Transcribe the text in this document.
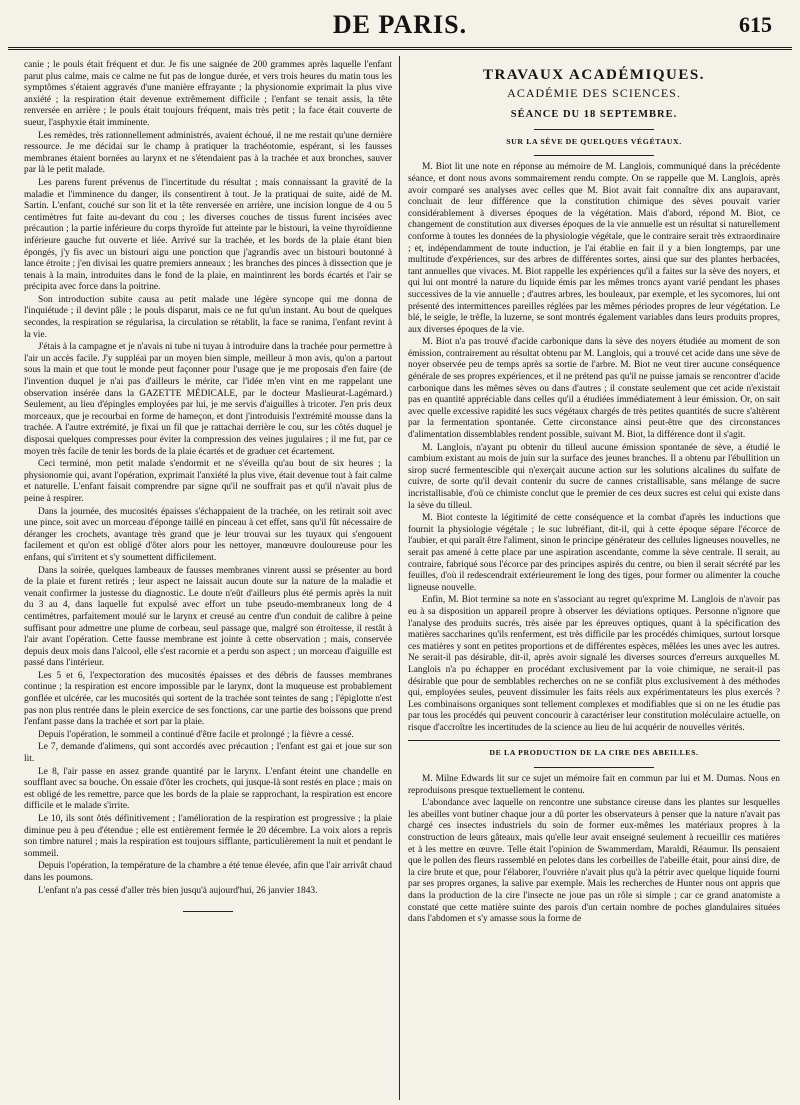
DE PARIS.	615

canie ; le pouls était fréquent et dur. Je fis une saignée de 200 grammes après laquelle l'enfant parut plus calme, mais ce calme ne fut pas de longue durée, et vers trois heures du matin tous les symptômes s'étaient aggravés d'une manière effrayante ; la physionomie exprimait la plus vive anxiété ; la respiration était devenue extrêmement difficile ; l'enfant se tenait assis, la tête renversée en arrière ; le pouls était toujours fréquent, mais très petit ; la face était couverte de sueur, l'asphyxie était imminente.

Les remèdes, très rationnellement administrés, avaient échoué, il ne me restait qu'une dernière ressource. Je me décidai sur le champ à pratiquer la trachéotomie, espérant, si les fausses membranes étaient bornées au larynx et ne s'étendaient pas à la trachée et aux bronches, sauver par là le petit malade.

Les parens furent prévenus de l'incertitude du résultat ; mais connaissant la gravité de la maladie et l'imminence du danger, ils consentirent à tout. Je la pratiquai de suite, aidé de M. Sartin. L'enfant, couché sur son lit et la tête renversée en arrière, une incision longue de 4 ou 5 centimètres fut faite au-devant du cou ; les diverses couches de tissus furent incisées avec précaution ; la partie inférieure du corps thyroïde fut atteinte par le bistouri, la veine thyroïdienne inférieure gauche fut ouverte et liée. Arrivé sur la trachée, et les bords de la plaie étant bien épongés, j'y fis avec un bistouri aigu une ponction que j'agrandis avec un bistouri boutonné à lance étroite ; j'en divisai les quatre premiers anneaux ; les branches des pinces à dissection que je tenais à la main, introduites dans le fond de la plaie, en maintinrent les bords écartés et l'air se précipita avec force dans la poitrine.

Son introduction subite causa au petit malade une légère syncope qui me donna de l'inquiétude ; il devint pâle ; le pouls disparut, mais ce ne fut qu'un instant. Au bout de quelques secondes, la respiration se régularisa, la circulation se rétablit, la face se ranima, l'enfant revint à la vie.

J'étais à la campagne et je n'avais ni tube ni tuyau à introduire dans la trachée pour permettre à l'air un accès facile. J'y suppléai par un moyen bien simple, meilleur à mon avis, qu'on a partout sous la main et que tout le monde peut façonner pour l'usage que je me proposais d'en faire (de l'invention duquel je n'ai pas d'ailleurs le mérite, car l'idée m'en vint en me rappelant une observation insérée dans la GAZETTE MÉDICALE, par le docteur Maslieurat-Lagémard.) Seulement, au lieu d'épingles employées par lui, je me servis d'aiguilles à tricoter. J'en pris deux morceaux, que je recourbai en forme de hameçon, et dont j'introduisis l'extrémité mousse dans la trachée. A l'autre extrémité, je fixai un fil que je rattachai derrière le cou, sur les côtés duquel je disposai quelques compresses pour éviter la compression des veines jugulaires ; il me fut, par ce moyen très facile de tenir les bords de la plaie écartés et de graduer cet écartement.

Ceci terminé, mon petit malade s'endormit et ne s'éveilla qu'au bout de six heures ; la physionomie qui, avant l'opération, exprimait l'anxiété la plus vive, était devenue tout à fait calme et naturelle. L'enfant faisait comprendre par signe qu'il ne souffrait pas et qu'il n'avait plus de peine à respirer.

Dans la journée, des mucosités épaisses s'échappaient de la trachée, on les retirait soit avec une pince, soit avec un morceau d'éponge taillé en pinceau à cet effet, sans qu'il fût nécessaire de déranger les crochets, avantage très grand que je leur trouvai sur les tuyaux qui s'engouent facilement et qu'on est obligé d'ôter alors pour les nettoyer, manœuvre douloureuse pour les enfans, qui s'irritent et s'y soumettent difficilement.

Dans la soirée, quelques lambeaux de fausses membranes vinrent aussi se présenter au bord de la plaie et furent retirés ; leur aspect ne laissait aucun doute sur la nature de la maladie et venait confirmer la justesse du diagnostic. Le doute n'eût d'ailleurs plus été permis après la nuit du 3 au 4, dans laquelle fut expulsé avec effort un tube pseudo-membraneux long de 4 centimètres, parfaitement moulé sur le larynx et creusé au centre d'un conduit de calibre à peine suffisant pour admettre une plume de corbeau, seul passage que, malgré son étroitesse, il restât à l'air avant l'opération. Cette fausse membrane est jointe à cette observation ; mais, conservée depuis deux mois dans l'alcool, elle s'est racornie et a perdu son aspect ; un morceau d'aiguille est passé dans l'intérieur.

Les 5 et 6, l'expectoration des mucosités épaisses et des débris de fausses membranes continue ; la respiration est encore impossible par le larynx, dont la muqueuse est probablement gonflée et ulcérée, car les mucosités qui sortent de la trachée sont teintes de sang ; l'épiglotte n'est pas non plus rentrée dans le plein exercice de ses fonctions, car une partie des boissons que prend l'enfant passe dans la trachée et sort par la plaie.

Depuis l'opération, le sommeil a continué d'être facile et prolongé ; la fièvre a cessé.

Le 7, demande d'alimens, qui sont accordés avec précaution ; l'enfant est gai et joue sur son lit.

Le 8, l'air passe en assez grande quantité par le larynx. L'enfant éteint une chandelle en soufflant avec sa bouche. On essaie d'ôter les crochets, qui jusque-là sont restés en place ; mais on est obligé de les remettre, parce que les bords de la plaie se rapprochant, la respiration est encore difficile et le malade s'irrite.

Le 10, ils sont ôtés définitivement ; l'amélioration de la respiration est progressive ; la plaie diminue peu à peu d'étendue ; elle est entièrement fermée le 20 décembre. La voix alors a repris son timbre naturel ; mais la respiration est toujours sifflante, particulièrement la nuit et pendant le sommeil.

Depuis l'opération, la température de la chambre a été tenue élevée, afin que l'air arrivât chaud dans les poumons.

L'enfant n'a pas cessé d'aller très bien jusqu'à aujourd'hui, 26 janvier 1843.

TRAVAUX ACADÉMIQUES.
ACADÉMIE DES SCIENCES.
SÉANCE DU 18 SEPTEMBRE.
SUR LA SÈVE DE QUELQUES VÉGÉTAUX.

M. Biot lit une note en réponse au mémoire de M. Langlois, communiqué dans la précédente séance, et dont nous avons sommairement rendu compte. On se rappelle que M. Langlois, après avoir comparé ses analyses avec celles que M. Biot avait fait connaître dix ans auparavant, concluait de leur différence que la constitution chimique des sèves pouvait varier considérablement à diverses époques de la végétation. Mais d'abord, répond M. Biot, ce changement de constitution aux diverses époques de la vie annuelle est un résultat si naturellement conforme à toutes les données de la physiologie végétale, que le contraire serait très extraordinaire ; et, indépendamment de toute induction, je l'ai établie en fait il y a bien longtemps, par une multitude d'expériences, sur des arbres de différentes sortes, ainsi que sur des plantes herbacées, tant annuelles que vivaces. M. Biot rappelle les expériences qu'il a faites sur la sève des noyers, et qui lui ont montré la nature du liquide émis par les mêmes troncs ayant varié pendant les phases successives de la vie annuelle ; d'autres arbres, les bouleaux, par exemple, et les sycomores, lui ont présenté des intermittences pareilles réglées par les mêmes périodes propres de leur végétation. Le blé, le seigle, le trèfle, la luzerne, se sont montrés également variables dans leurs produits propres, aux diverses époques de la vie.

M. Biot n'a pas trouvé d'acide carbonique dans la sève des noyers étudiée au moment de son émission, contrairement au résultat obtenu par M. Langlois, qui a trouvé cet acide dans une sève de noyer observée peu de temps après sa sortie de l'arbre. M. Biot ne veut tirer aucune conséquence générale de ses propres expériences, et il ne prétend pas qu'il ne puisse jamais se rencontrer d'acide carbonique dans les mêmes sèves ou dans d'autres ; il constate seulement que cet acide n'existait pas en quantité appréciable dans celles qu'il a étudiées immédiatement à leur émission. Or, on sait avec quelle excessive rapidité les sucs végétaux chargés de très petites quantités de sucre s'altèrent par la fermentation spontanée. Cette circonstance ainsi peut-être que des circonstances d'alimentation dissemblables rendent possible, suivant M. Biot, la différence dont il s'agit.

M. Langlois, n'ayant pu obtenir du tilleul aucune émission spontanée de sève, a étudié le cambium existant au mois de juin sur la surface des jeunes branches. Il a obtenu par l'ébullition un sirop sucré fermentescible qui n'exerçait aucune action sur les solutions alcalines du sulfate de cuivre, de sorte qu'il devait contenir du sucre de cannes cristallisable, sans mélange de sucre incristallisable, d'où ce chimiste conclut que le premier de ces deux sucres est celui qui existe dans la sève du tilleul.

M. Biot conteste la légitimité de cette conséquence et la combat d'après les inductions que fournit la physiologie végétale ; le suc lubréfiant, dit-il, qui à cette époque sépare l'écorce de l'aubier, et qui paraît être l'aliment, sinon le principe générateur des cellules ligneuses nouvelles, ne serait pas amené à cette place par une aspiration ascendante, comme la sève centrale. Il serait, au contraire, fabriqué sous l'écorce par des principes aspirés du centre, ou bien il serait sécrété par les feuilles, d'où il redescendrait extérieurement le long des tiges, pour former ou alimenter la couche ligneuse nouvelle.

Enfin, M. Biot termine sa note en s'associant au regret qu'exprime M. Langlois de n'avoir pas eu à sa disposition un appareil propre à observer les déviations optiques. Personne n'ignore que l'analyse des produits sucrés, très aisée par les épreuves optiques, quant à la spécification des matières saccharines qu'ils renferment, est très difficile par les procédés chimiques, surtout lorsque ces matières y sont en petites proportions et de différentes espèces, mêlées les unes avec les autres. Ne serait-il pas désirable, dit-il, après avoir signalé les diverses sources d'erreurs auxquelles M. Langlois n'a pu échapper en procédant exclusivement par la voie chimique, ne serait-il pas désirable que pour de semblables recherches on ne se confiât plus exclusivement à des méthodes qui, employées seules, peuvent dissimuler les faits réels aux expérimentateurs les plus exercés ? Les combinaisons organiques sont tellement complexes et modifiables que si on ne les étudie pas par tous les procédés qui peuvent concourir à caractériser leur constitution moléculaire actuelle, on risque d'accroître les incertitudes de la science au lieu de lui acquérir de nouvelles vérités.

DE LA PRODUCTION DE LA CIRE DES ABEILLES.

M. Milne Edwards lit sur ce sujet un mémoire fait en commun par lui et M. Dumas. Nous en reproduisons presque textuellement le contenu.

L'abondance avec laquelle on rencontre une substance cireuse dans les plantes sur lesquelles les abeilles vont butiner chaque jour a dû porter les observateurs à penser que la nature n'avait pas chargé ces insectes industriels du soin de former eux-mêmes les matériaux propres à la construction de leurs gâteaux, mais qu'elle leur avait enseigné seulement à recueillir ces matières et à les mettre en œuvre. Telle était l'opinion de Swammerdam, Maraldi, Réaumur. Ils pensaient que le pollen des fleurs rassemblé en pelotes dans les corbeilles de l'abeille était, pour ainsi dire, de la cire brute et que, pour l'élaborer, l'ouvrière n'avait plus qu'à la pétrir avec quelque liquide fourni par ses propres organes, la salive par exemple. Mais les recherches de Hunter nous ont appris que dans la production de la cire l'insecte ne joue pas un rôle si simple ; car ce grand anatomiste a constaté que cette matière suinte des parois d'un certain nombre de poches glandulaires situées dans l'abdomen et s'y amasse sous la forme de
